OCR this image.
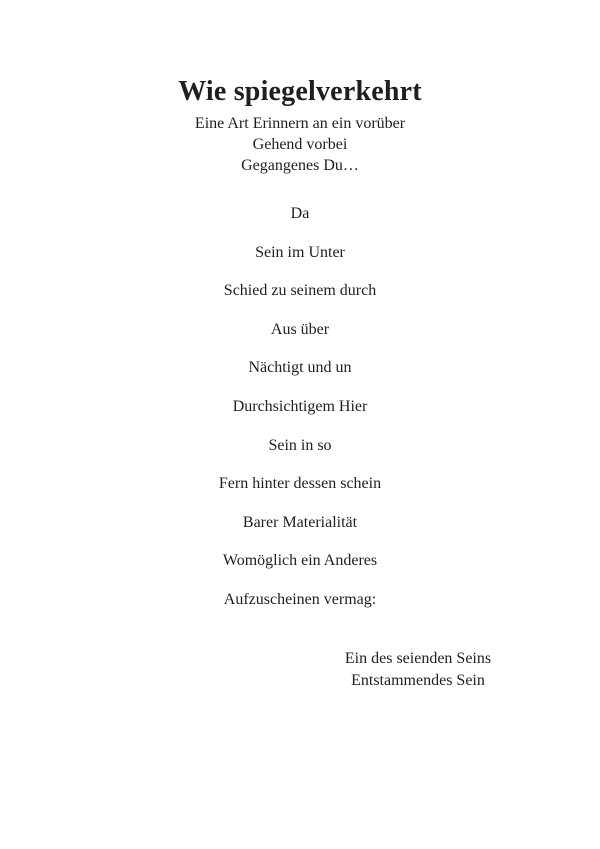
Wie spiegelverkehrt
Eine Art Erinnern an ein vorüber
Gehend vorbei
Gegangenes Du…
Da
Sein im Unter
Schied zu seinem durch
Aus über
Nächtigt und un
Durchsichtigem Hier
Sein in so
Fern hinter dessen schein
Barer Materialität
Womöglich ein Anderes
Aufzuscheinen vermag:
Ein des seienden Seins
Entstammendes Sein
